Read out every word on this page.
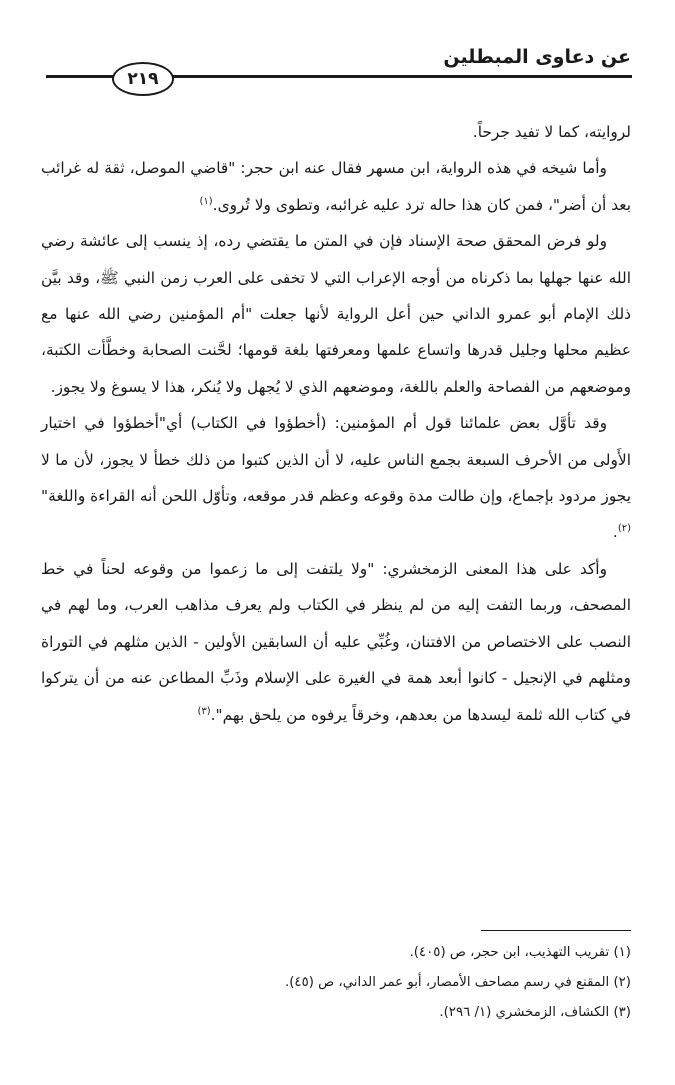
عن دعاوى المبطلين
٢١٩

لروايته، كما لا تفيد جرحاً.

وأما شيخه في هذه الرواية، ابن مسهر فقال عنه ابن حجر: "قاضي الموصل، ثقة له غرائب بعد أن أضر"، فمن كان هذا حاله ترد عليه غرائبه، وتطوى ولا تُروى.$^{(١)}$

ولو فرض المحقق صحة الإسناد فإن في المتن ما يقتضي رده، إذ ينسب إلى عائشة رضي الله عنها جهلها بما ذكرناه من أوجه الإعراب التي لا تخفى على العرب زمن النبي ﷺ، وقد بيَّن ذلك الإمام أبو عمرو الداني حين أعل الرواية لأنها جعلت "أم المؤمنين رضي الله عنها مع عظيم محلها وجليل قدرها واتساع علمها ومعرفتها بلغة قومها؛ لحَّنت الصحابة وخطَّأت الكتبة، وموضعهم من الفصاحة والعلم باللغة، وموضعهم الذي لا يُجهل ولا يُنكر، هذا لا يسوغ ولا يجوز.

وقد تأوَّل بعض علمائنا قول أم المؤمنين: (أخطؤوا في الكتاب) أي"أخطؤوا في اختيار الأَولى من الأحرف السبعة بجمع الناس عليه، لا أن الذين كتبوا من ذلك خطأ لا يجوز، لأن ما لا يجوز مردود بإجماع، وإن طالت مدة وقوعه وعظم قدر موقعه، وتأوّل اللحن أنه القراءة واللغة"$^{(٢)}$.

وأكد على هذا المعنى الزمخشري: "ولا يلتفت إلى ما زعموا من وقوعه لحناً في خط المصحف، وربما التفت إليه من لم ينظر في الكتاب ولم يعرف مذاهب العرب، وما لهم في النصب على الاختصاص من الافتنان، وغُبِّي عليه أن السابقين الأولين - الذين مثلهم في التوراة ومثلهم في الإنجيل - كانوا أبعد همة في الغيرة على الإسلام وذَبِّ المطاعن عنه من أن يتركوا في كتاب الله ثلمة ليسدها من بعدهم، وخرقاً يرفوه من يلحق بهم".$^{(٣)}$

(١) تقريب التهذيب، ابن حجر، ص (٤٠٥).

(٢) المقنع في رسم مصاحف الأمصار، أبو عمر الداني، ص (٤٥).

(٣) الكشاف، الزمخشري (١/ ٢٩٦).
